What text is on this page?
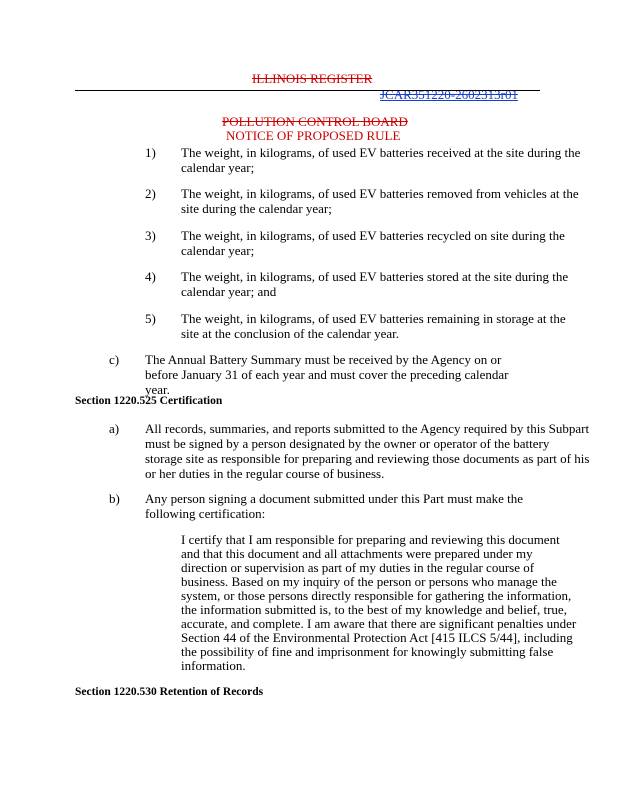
ILLINOIS REGISTER
JCAR351220-2602313r01
POLLUTION CONTROL BOARD
NOTICE OF PROPOSED RULE
1) The weight, in kilograms, of used EV batteries received at the site during the calendar year;
2) The weight, in kilograms, of used EV batteries removed from vehicles at the site during the calendar year;
3) The weight, in kilograms, of used EV batteries recycled on site during the calendar year;
4) The weight, in kilograms, of used EV batteries stored at the site during the calendar year; and
5) The weight, in kilograms, of used EV batteries remaining in storage at the site at the conclusion of the calendar year.
c) The Annual Battery Summary must be received by the Agency on or before January 31 of each year and must cover the preceding calendar year.
Section 1220.525 Certification
a) All records, summaries, and reports submitted to the Agency required by this Subpart must be signed by a person designated by the owner or operator of the battery storage site as responsible for preparing and reviewing those documents as part of his or her duties in the regular course of business.
b) Any person signing a document submitted under this Part must make the following certification:
I certify that I am responsible for preparing and reviewing this document and that this document and all attachments were prepared under my direction or supervision as part of my duties in the regular course of business. Based on my inquiry of the person or persons who manage the system, or those persons directly responsible for gathering the information, the information submitted is, to the best of my knowledge and belief, true, accurate, and complete. I am aware that there are significant penalties under Section 44 of the Environmental Protection Act [415 ILCS 5/44], including the possibility of fine and imprisonment for knowingly submitting false information.
Section 1220.530 Retention of Records
